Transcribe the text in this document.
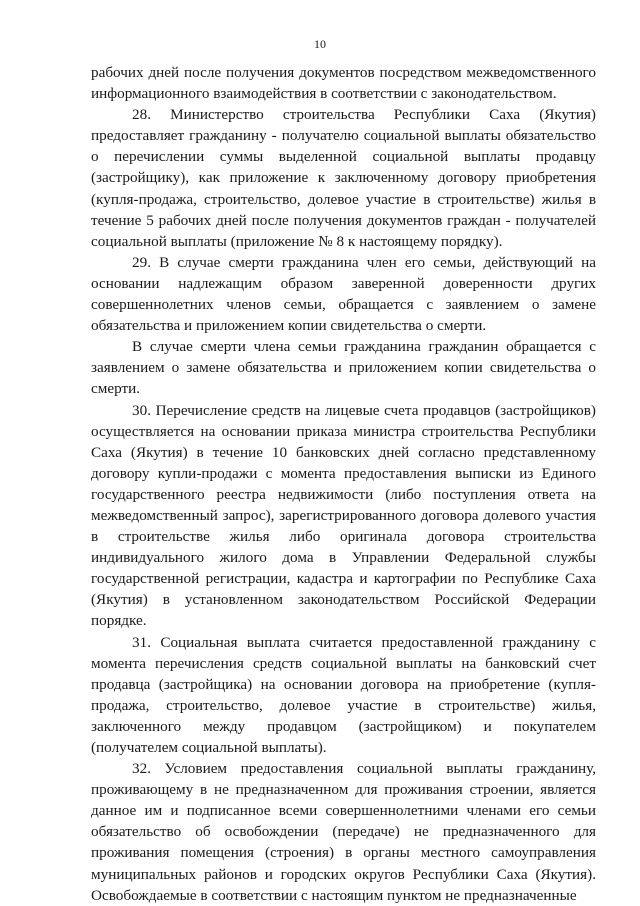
10

рабочих дней после получения документов посредством межведомственного информационного взаимодействия в соответствии с законодательством.

28. Министерство строительства Республики Саха (Якутия) предоставляет гражданину - получателю социальной выплаты обязательство о перечислении суммы выделенной социальной выплаты продавцу (застройщику), как приложение к заключенному договору приобретения (купля-продажа, строительство, долевое участие в строительстве) жилья в течение 5 рабочих дней после получения документов граждан - получателей социальной выплаты (приложение № 8 к настоящему порядку).

29. В случае смерти гражданина член его семьи, действующий на основании надлежащим образом заверенной доверенности других совершеннолетних членов семьи, обращается с заявлением о замене обязательства и приложением копии свидетельства о смерти.

В случае смерти члена семьи гражданина гражданин обращается с заявлением о замене обязательства и приложением копии свидетельства о смерти.

30. Перечисление средств на лицевые счета продавцов (застройщиков) осуществляется на основании приказа министра строительства Республики Саха (Якутия) в течение 10 банковских дней согласно представленному договору купли-продажи с момента предоставления выписки из Единого государственного реестра недвижимости (либо поступления ответа на межведомственный запрос), зарегистрированного договора долевого участия в строительстве жилья либо оригинала договора строительства индивидуального жилого дома в Управлении Федеральной службы государственной регистрации, кадастра и картографии по Республике Саха (Якутия) в установленном законодательством Российской Федерации порядке.

31. Социальная выплата считается предоставленной гражданину с момента перечисления средств социальной выплаты на банковский счет продавца (застройщика) на основании договора на приобретение (купля-продажа, строительство, долевое участие в строительстве) жилья, заключенного между продавцом (застройщиком) и покупателем (получателем социальной выплаты).

32. Условием предоставления социальной выплаты гражданину, проживающему в не предназначенном для проживания строении, является данное им и подписанное всеми совершеннолетними членами его семьи обязательство об освобождении (передаче) не предназначенного для проживания помещения (строения) в органы местного самоуправления муниципальных районов и городских округов Республики Саха (Якутия). Освобождаемые в соответствии с настоящим пунктом не предназначенные
